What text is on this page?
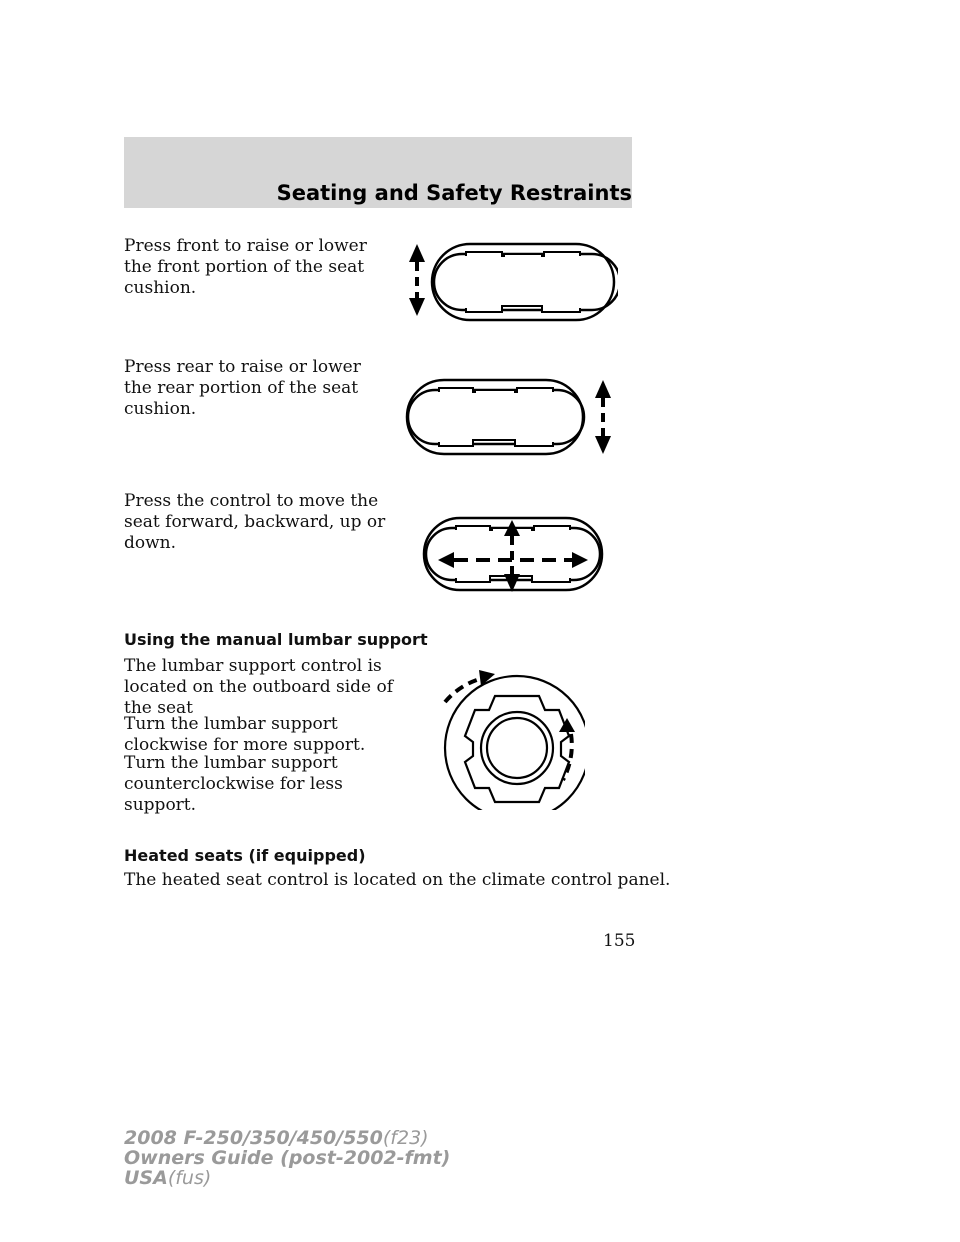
Seating and Safety Restraints

Press front to raise or lower the front portion of the seat cushion.

Press rear to raise or lower the rear portion of the seat cushion.

Press the control to move the seat forward, backward, up or down.

Using the manual lumbar support

The lumbar support control is located on the outboard side of the seat

Turn the lumbar support clockwise for more support.

Turn the lumbar support counterclockwise for less support.

Heated seats (if equipped)

The heated seat control is located on the climate control panel.

155
2008 F-250/350/450/550(f23)
Owners Guide (post-2002-fmt)
USA(fus)
